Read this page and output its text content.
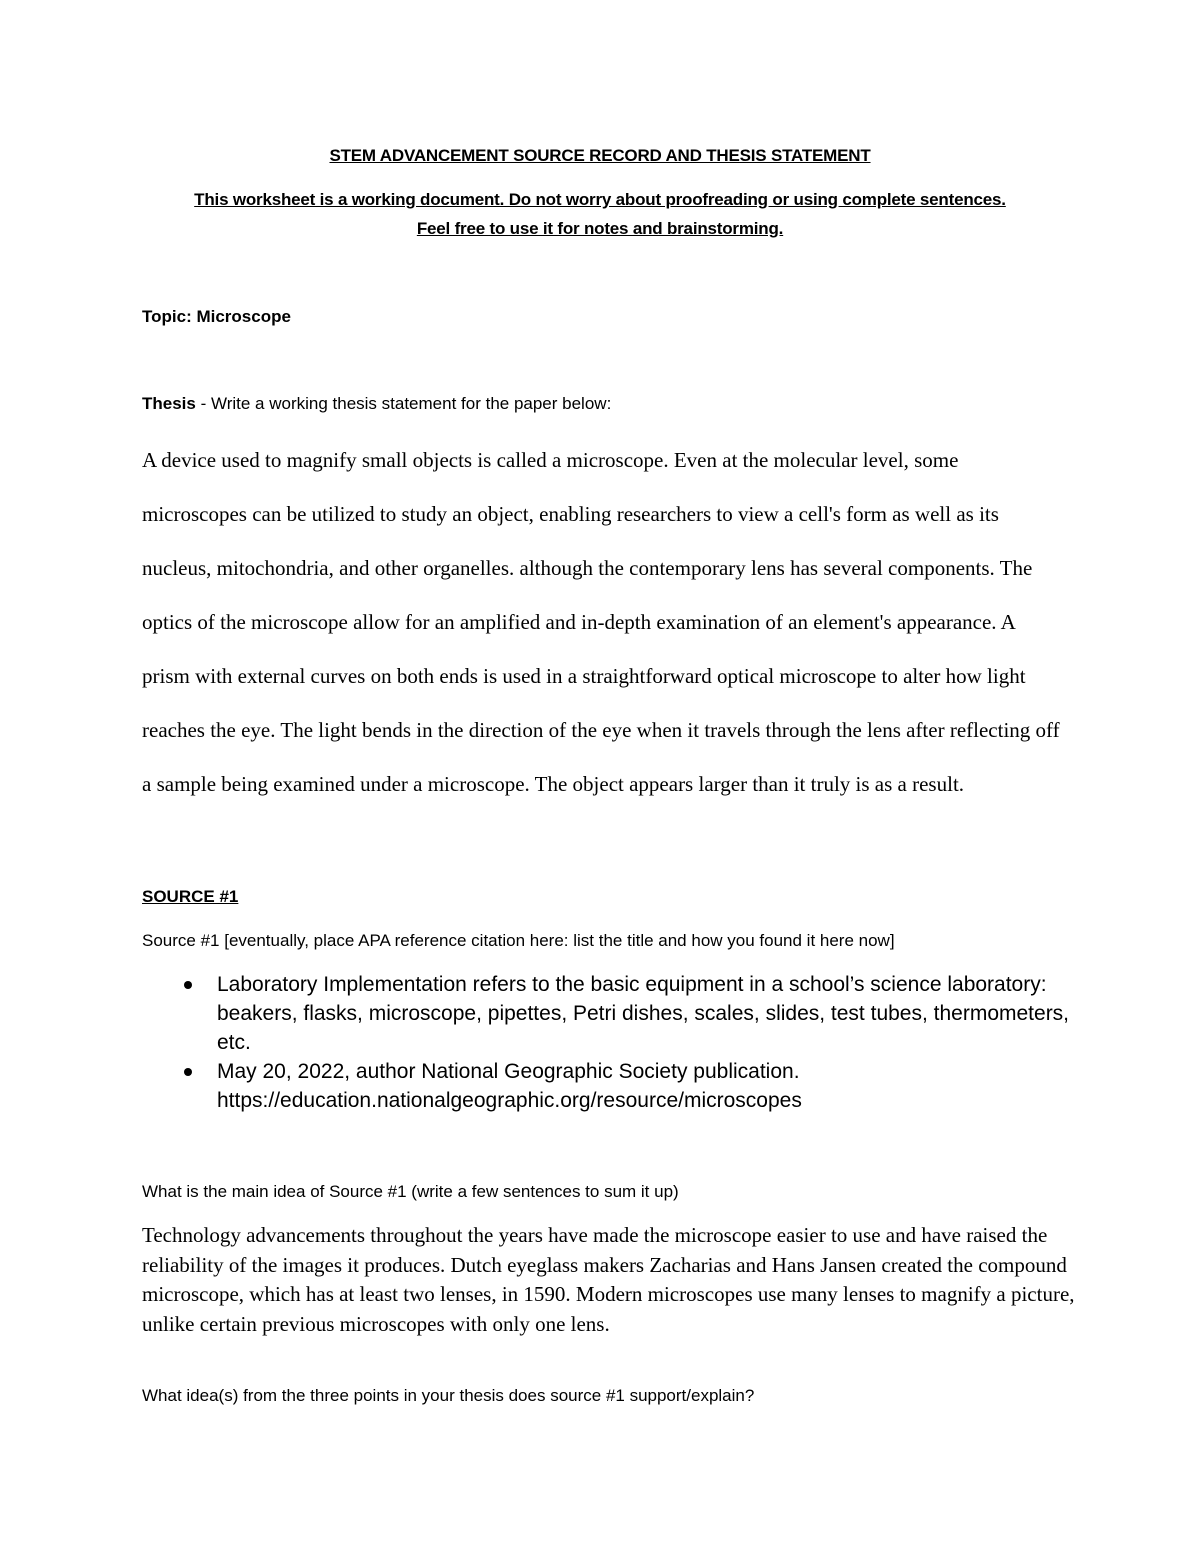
STEM ADVANCEMENT SOURCE RECORD AND THESIS STATEMENT
This worksheet is a working document. Do not worry about proofreading or using complete sentences.
Feel free to use it for notes and brainstorming.
Topic: Microscope
Thesis - Write a working thesis statement for the paper below:

A device used to magnify small objects is called a microscope. Even at the molecular level, some microscopes can be utilized to study an object, enabling researchers to view a cell's form as well as its nucleus, mitochondria, and other organelles. although the contemporary lens has several components. The optics of the microscope allow for an amplified and in-depth examination of an element's appearance. A prism with external curves on both ends is used in a straightforward optical microscope to alter how light reaches the eye. The light bends in the direction of the eye when it travels through the lens after reflecting off a sample being examined under a microscope. The object appears larger than it truly is as a result.

SOURCE #1
Source #1 [eventually, place APA reference citation here: list the title and how you found it here now]
Laboratory Implementation refers to the basic equipment in a school’s science laboratory: beakers, flasks, microscope, pipettes, Petri dishes, scales, slides, test tubes, thermometers, etc.
May 20, 2022, author National Geographic Society publication. https://education.nationalgeographic.org/resource/microscopes
What is the main idea of Source #1 (write a few sentences to sum it up)

Technology advancements throughout the years have made the microscope easier to use and have raised the reliability of the images it produces. Dutch eyeglass makers Zacharias and Hans Jansen created the compound microscope, which has at least two lenses, in 1590. Modern microscopes use many lenses to magnify a picture, unlike certain previous microscopes with only one lens.

What idea(s) from the three points in your thesis does source #1 support/explain?
